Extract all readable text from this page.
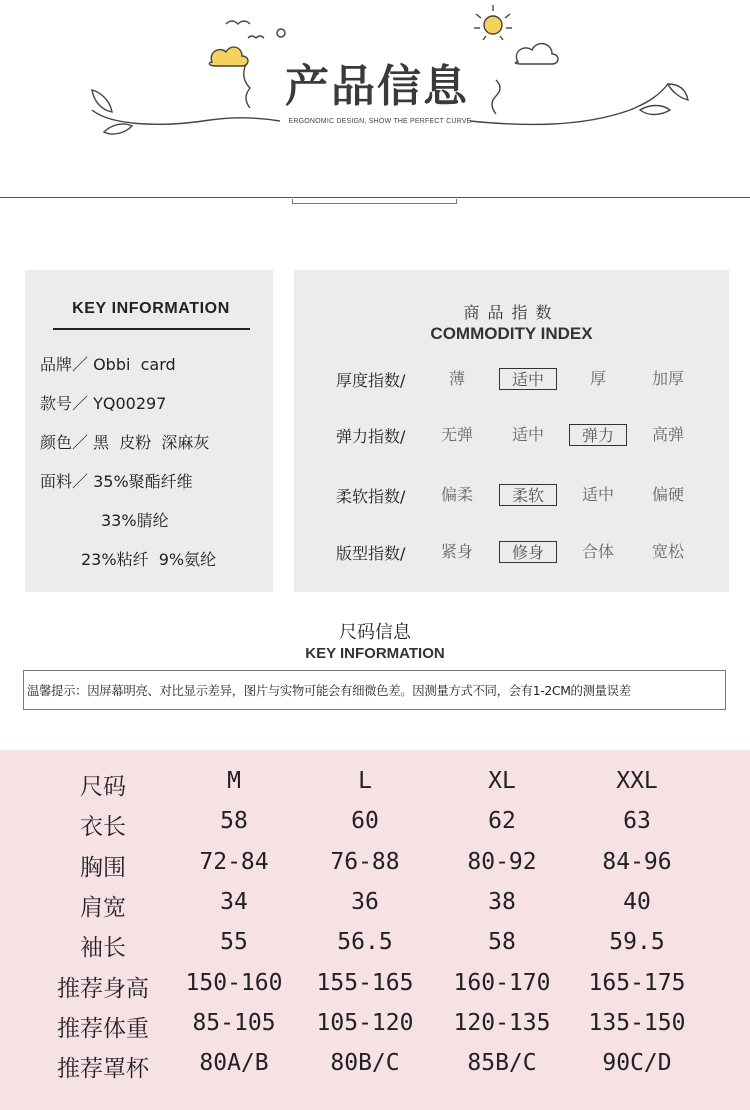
产品信息
ERGONOMIC DESIGN, SHOW THE PERFECT CURVE
KEY INFORMATION
品牌／ Obbi  card
款号／ YQ00297
颜色／ 黑  皮粉  深麻灰
面料／ 35%聚酯纤维
33%腈纶
23%粘纤  9%氨纶
商品指数
COMMODITY INDEX
厚度指数/	薄	适中	厚	加厚
弹力指数/	无弹	适中	弹力	高弹
柔软指数/	偏柔	柔软	适中	偏硬
版型指数/	紧身	修身	合体	宽松
尺码信息
KEY INFORMATION
温馨提示：因屏幕明亮、对比显示差异，图片与实物可能会有细微色差。因测量方式不同，会有1-2CM的测量误差
尺码	M	L	XL	XXL
衣长	58	60	62	63
胸围	72-84	76-88	80-92	84-96
肩宽	34	36	38	40
袖长	55	56.5	58	59.5
推荐身高	150-160	155-165	160-170	165-175
推荐体重	85-105	105-120	120-135	135-150
推荐罩杯	80A/B	80B/C	85B/C	90C/D
